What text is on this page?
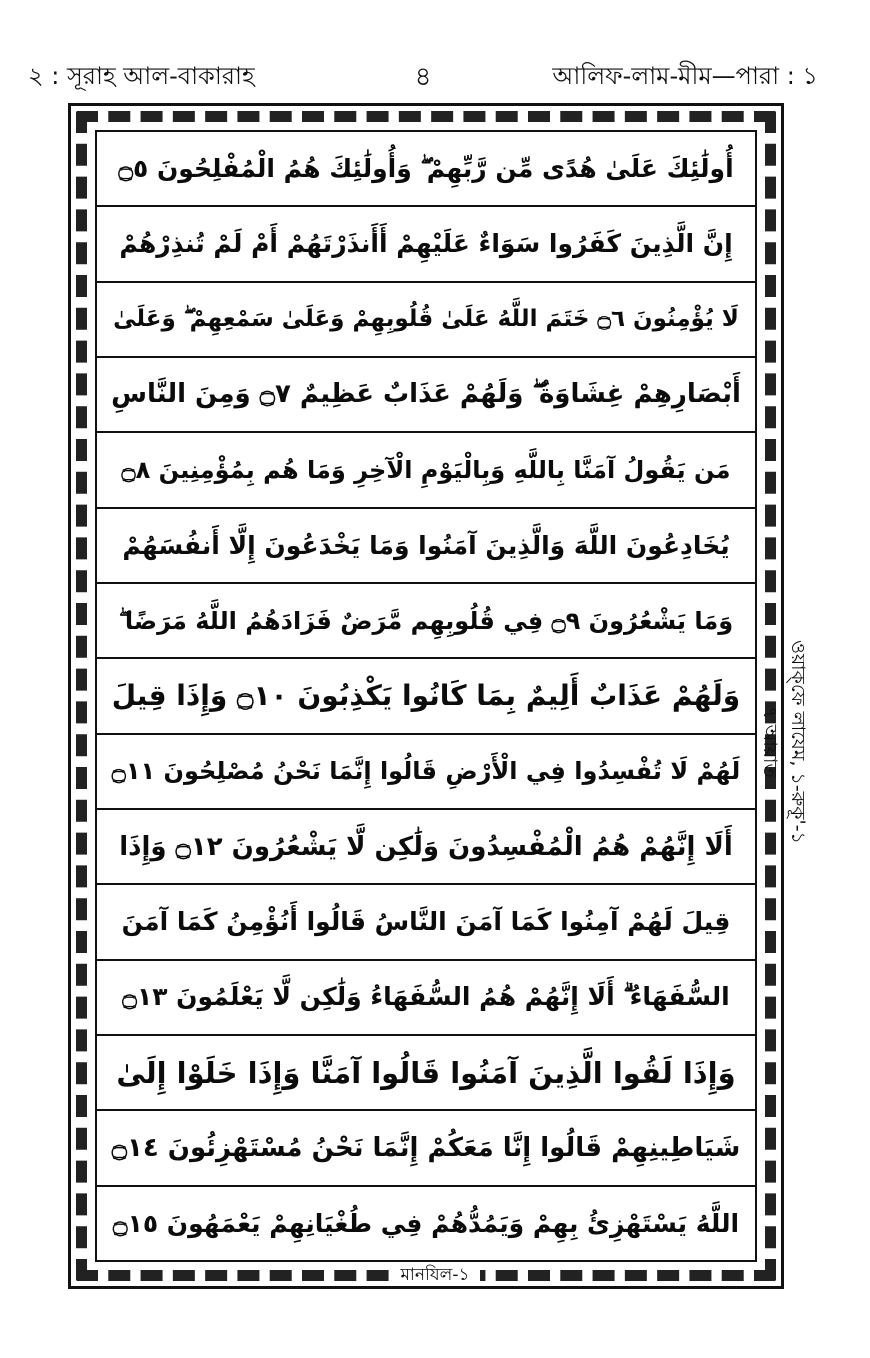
২ : সূরাহ আল-বাকারাহ	৪	আলিফ-লাম-মীম—পারা : ১
أُولَٰئِكَ عَلَىٰ هُدًى مِّن رَّبِّهِمْ ۖ وَأُولَٰئِكَ هُمُ الْمُفْلِحُونَ ۝٥
إِنَّ الَّذِينَ كَفَرُوا سَوَاءٌ عَلَيْهِمْ أَأَنذَرْتَهُمْ أَمْ لَمْ تُنذِرْهُمْ
لَا يُؤْمِنُونَ ۝٦ خَتَمَ اللَّهُ عَلَىٰ قُلُوبِهِمْ وَعَلَىٰ سَمْعِهِمْ ۖ وَعَلَىٰ
أَبْصَارِهِمْ غِشَاوَةٌ ۖ وَلَهُمْ عَذَابٌ عَظِيمٌ ۝٧ وَمِنَ النَّاسِ
مَن يَقُولُ آمَنَّا بِاللَّهِ وَبِالْيَوْمِ الْآخِرِ وَمَا هُم بِمُؤْمِنِينَ ۝٨
يُخَادِعُونَ اللَّهَ وَالَّذِينَ آمَنُوا وَمَا يَخْدَعُونَ إِلَّا أَنفُسَهُمْ
وَمَا يَشْعُرُونَ ۝٩ فِي قُلُوبِهِم مَّرَضٌ فَزَادَهُمُ اللَّهُ مَرَضًا ۖ
وَلَهُمْ عَذَابٌ أَلِيمٌ بِمَا كَانُوا يَكْذِبُونَ ۝١٠ وَإِذَا قِيلَ
لَهُمْ لَا تُفْسِدُوا فِي الْأَرْضِ قَالُوا إِنَّمَا نَحْنُ مُصْلِحُونَ ۝١١
أَلَا إِنَّهُمْ هُمُ الْمُفْسِدُونَ وَلَٰكِن لَّا يَشْعُرُونَ ۝١٢ وَإِذَا
قِيلَ لَهُمْ آمِنُوا كَمَا آمَنَ النَّاسُ قَالُوا أَنُؤْمِنُ كَمَا آمَنَ
السُّفَهَاءُ ۗ أَلَا إِنَّهُمْ هُمُ السُّفَهَاءُ وَلَٰكِن لَّا يَعْلَمُونَ ۝١٣
وَإِذَا لَقُوا الَّذِينَ آمَنُوا قَالُوا آمَنَّا وَإِذَا خَلَوْا إِلَىٰ
شَيَاطِينِهِمْ قَالُوا إِنَّا مَعَكُمْ إِنَّمَا نَحْنُ مُسْتَهْزِئُونَ ۝١٤
اللَّهُ يَسْتَهْزِئُ بِهِمْ وَيَمُدُّهُمْ فِي طُغْيَانِهِمْ يَعْمَهُونَ ۝١٥
মানযিল-১
ওয়াক্‌ফে লাযেম, ১-রুকূ'-১
৭ আয়াত
